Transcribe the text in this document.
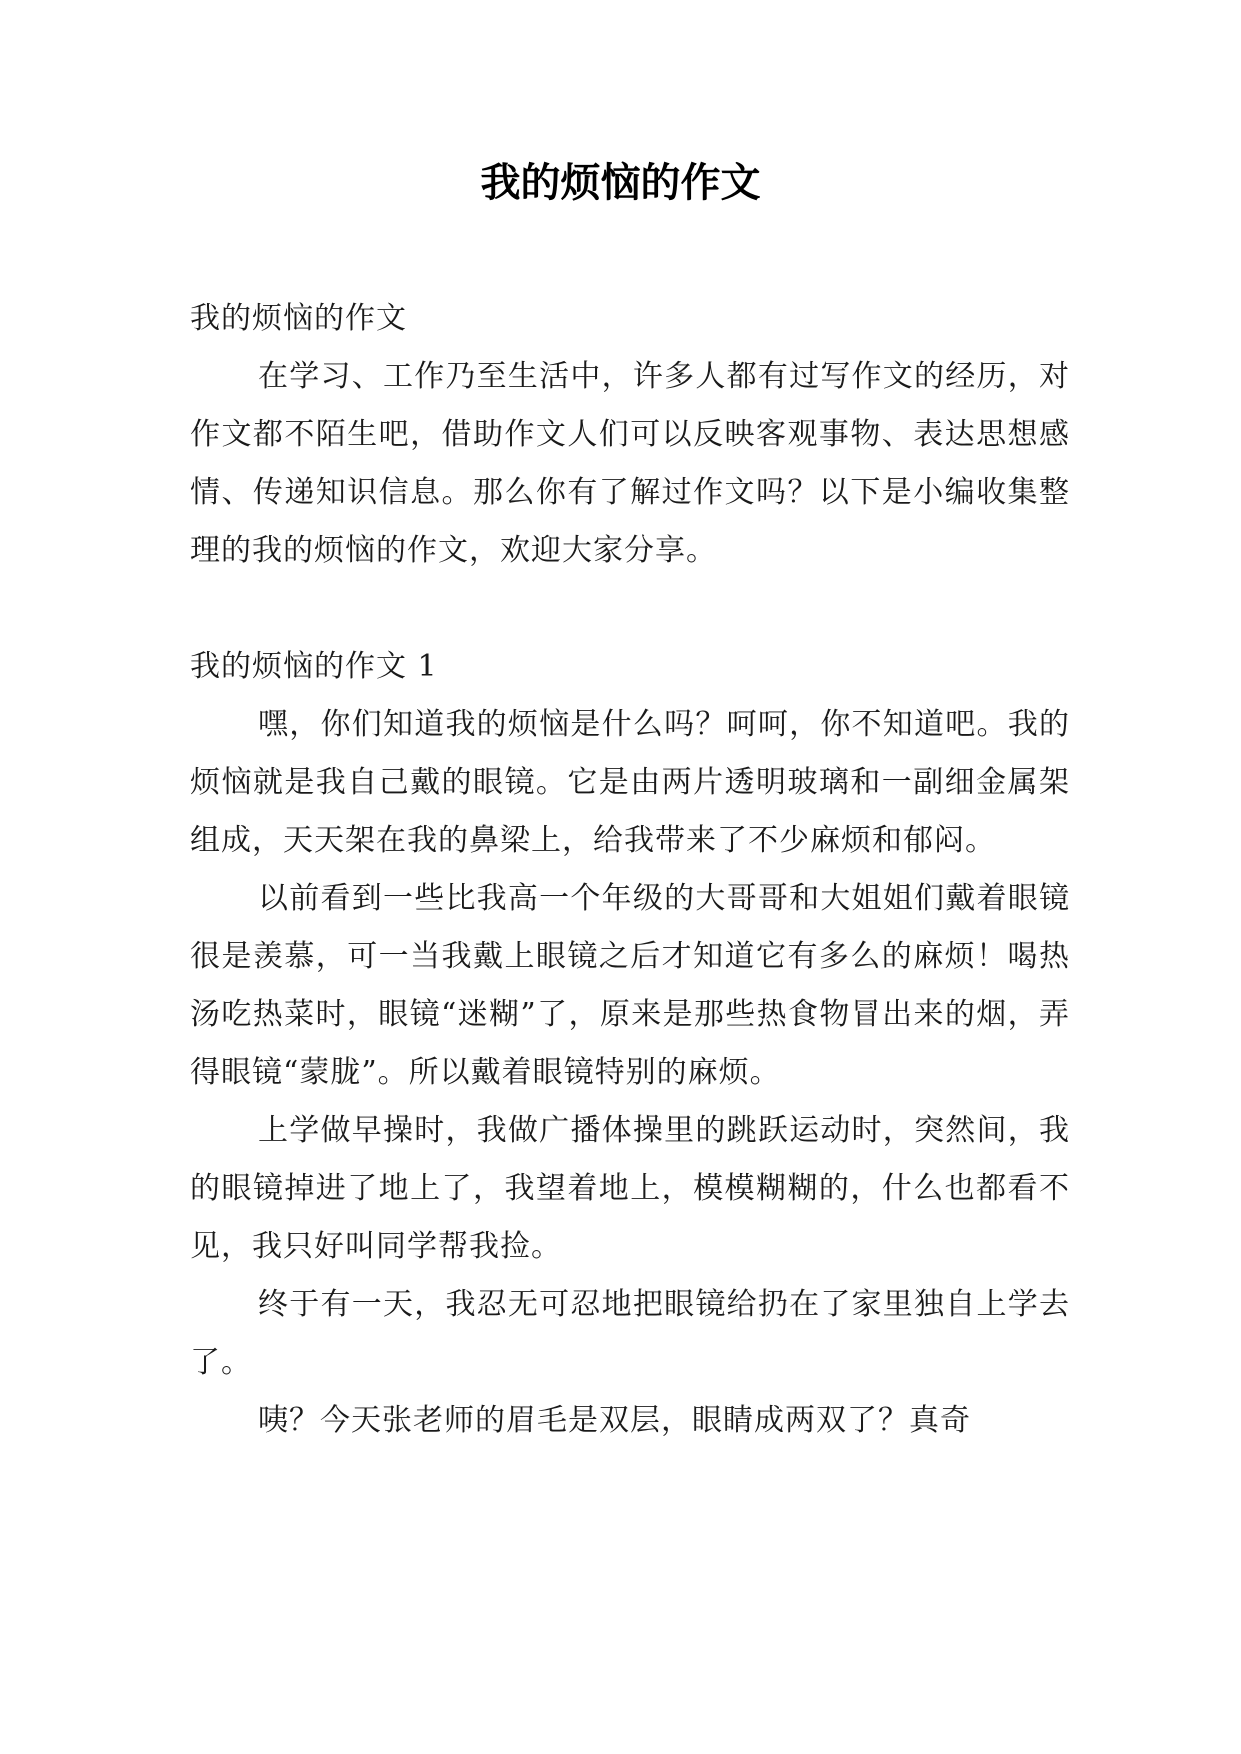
我的烦恼的作文

我的烦恼的作文

在学习、工作乃至生活中，许多人都有过写作文的经历，对作文都不陌生吧，借助作文人们可以反映客观事物、表达思想感情、传递知识信息。那么你有了解过作文吗？以下是小编收集整理的我的烦恼的作文，欢迎大家分享。

我的烦恼的作文 1

嘿，你们知道我的烦恼是什么吗？呵呵，你不知道吧。我的烦恼就是我自己戴的眼镜。它是由两片透明玻璃和一副细金属架组成，天天架在我的鼻梁上，给我带来了不少麻烦和郁闷。

以前看到一些比我高一个年级的大哥哥和大姐姐们戴着眼镜很是羡慕，可一当我戴上眼镜之后才知道它有多么的麻烦！喝热汤吃热菜时，眼镜“迷糊”了，原来是那些热食物冒出来的烟，弄得眼镜“蒙胧”。所以戴着眼镜特别的麻烦。

上学做早操时，我做广播体操里的跳跃运动时，突然间，我的眼镜掉进了地上了，我望着地上，模模糊糊的，什么也都看不见，我只好叫同学帮我捡。

终于有一天，我忍无可忍地把眼镜给扔在了家里独自上学去了。

咦？今天张老师的眉毛是双层，眼睛成两双了？真奇
